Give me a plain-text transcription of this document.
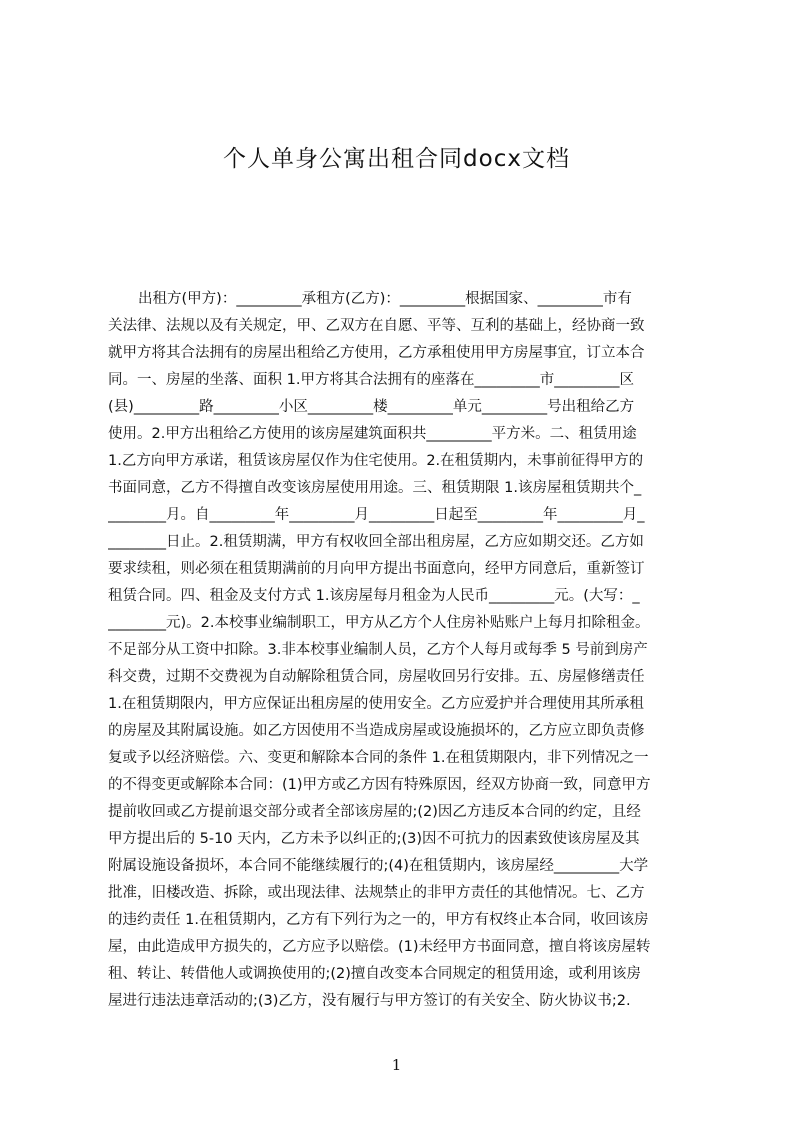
个人单身公寓出租合同docx文档
出租方(甲方)：_________承租方(乙方)：_________根据国家、_________市有
关法律、法规以及有关规定，甲、乙双方在自愿、平等、互利的基础上，经协商一致
就甲方将其合法拥有的房屋出租给乙方使用，乙方承租使用甲方房屋事宜，订立本合
同。一、房屋的坐落、面积 1.甲方将其合法拥有的座落在_________市_________区
(县)_________路_________小区_________楼_________单元_________号出租给乙方
使用。2.甲方出租给乙方使用的该房屋建筑面积共_________平方米。二、租赁用途
1.乙方向甲方承诺，租赁该房屋仅作为住宅使用。2.在租赁期内，未事前征得甲方的
书面同意，乙方不得擅自改变该房屋使用用途。三、租赁期限 1.该房屋租赁期共个_
________月。自_________年_________月_________日起至_________年_________月_
________日止。2.租赁期满，甲方有权收回全部出租房屋，乙方应如期交还。乙方如
要求续租，则必须在租赁期满前的月向甲方提出书面意向，经甲方同意后，重新签订
租赁合同。四、租金及支付方式 1.该房屋每月租金为人民币_________元。(大写：_
________元)。2.本校事业编制职工，甲方从乙方个人住房补贴账户上每月扣除租金。
不足部分从工资中扣除。3.非本校事业编制人员，乙方个人每月或每季 5 号前到房产
科交费，过期不交费视为自动解除租赁合同，房屋收回另行安排。五、房屋修缮责任
1.在租赁期限内，甲方应保证出租房屋的使用安全。乙方应爱护并合理使用其所承租
的房屋及其附属设施。如乙方因使用不当造成房屋或设施损坏的，乙方应立即负责修
复或予以经济赔偿。六、变更和解除本合同的条件 1.在租赁期限内，非下列情况之一
的不得变更或解除本合同：(1)甲方或乙方因有特殊原因，经双方协商一致，同意甲方
提前收回或乙方提前退交部分或者全部该房屋的;(2)因乙方违反本合同的约定，且经
甲方提出后的 5-10 天内，乙方未予以纠正的;(3)因不可抗力的因素致使该房屋及其
附属设施设备损坏，本合同不能继续履行的;(4)在租赁期内，该房屋经_________大学
批准，旧楼改造、拆除，或出现法律、法规禁止的非甲方责任的其他情况。七、乙方
的违约责任 1.在租赁期内，乙方有下列行为之一的，甲方有权终止本合同，收回该房
屋，由此造成甲方损失的，乙方应予以赔偿。(1)未经甲方书面同意，擅自将该房屋转
租、转让、转借他人或调换使用的;(2)擅自改变本合同规定的租赁用途，或利用该房
屋进行违法违章活动的;(3)乙方，没有履行与甲方签订的有关安全、防火协议书;2.
1
